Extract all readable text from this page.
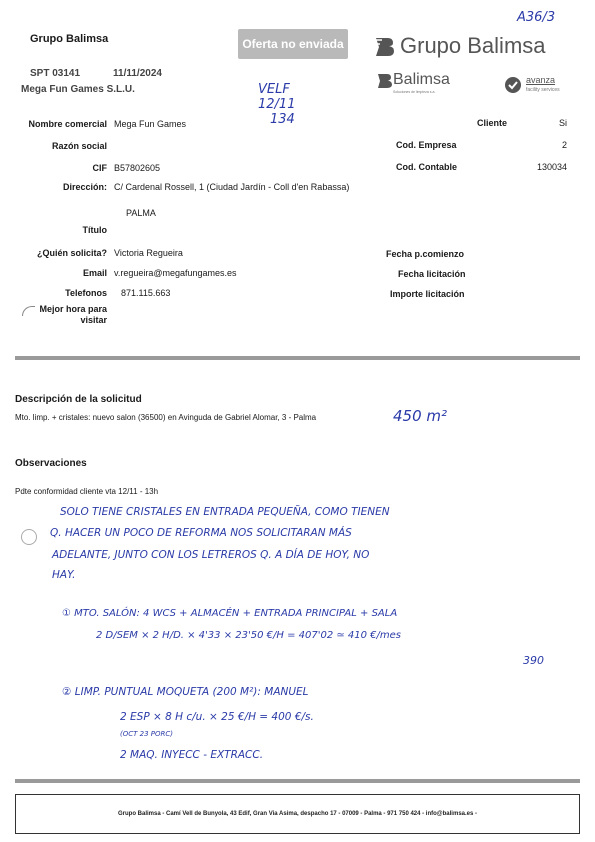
Grupo Balimsa
SPT 03141	11/11/2024
Mega Fun Games S.L.U.
Oferta no enviada	Grupo Balimsa
Balimsa
Soluciones de limpieza s.a.
avanza
facility services
A36/3
VELF
12/11
134
Nombre comercial Mega Fun Games
Razón social
CIF B57802605
Dirección: C/ Cardenal Rossell, 1 (Ciudad Jardín - Coll d'en Rabassa)
PALMA
Título
¿Quién solicita? Victoria Regueira
Email v.regueira@megafungames.es
Telefonos 871.115.663
Mejor hora para
visitar
Cliente	Si
Cod. Empresa	2
Cod. Contable	130034
Fecha p.comienzo
Fecha licitación
Importe licitación
Descripción de la solicitud
Mto. limp. + cristales: nuevo salon (36500) en Avinguda de Gabriel Alomar, 3 - Palma	450 m²
Observaciones
Pdte conformidad cliente vta 12/11 - 13h
SOLO TIENE CRISTALES EN ENTRADA PEQUEÑA, COMO TIENEN
Q. HACER UN POCO DE REFORMA NOS SOLICITARAN MÁS
ADELANTE, JUNTO CON LOS LETREROS Q. A DÍA DE HOY, NO
HAY.
① MTO. SALÓN: 4 WCS + ALMACÉN + ENTRADA PRINCIPAL + SALA
2 D/SEM × 2 H/D. × 4'33 × 23'50 €/H = 407'02 ≃ 410 €/mes
390
② LIMP. PUNTUAL MOQUETA (200 M²): MANUEL
2 ESP × 8 H c/u. × 25 €/H = 400 €/s.
(OCT 23 PORC)
2 MAQ. INYECC - EXTRACC.
Grupo Balimsa - Camí Vell de Bunyola, 43 Edif, Gran Via Asima, despacho 17 - 07009 - Palma - 971 750 424 - info@balimsa.es -
